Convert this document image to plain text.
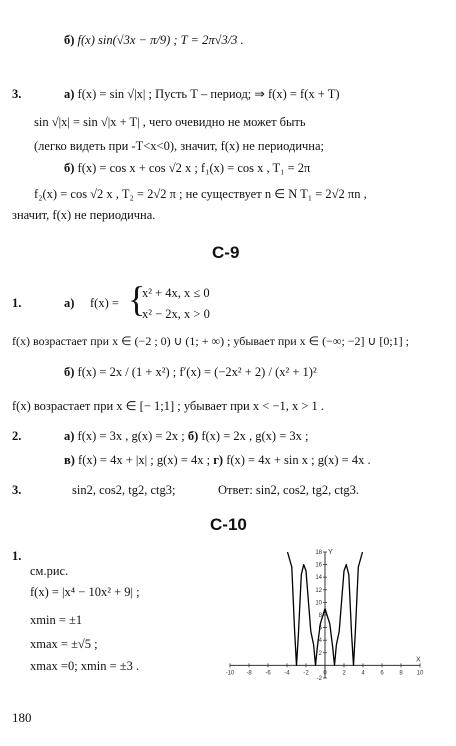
б) f(x) sin(√3x − π/9) ; T = 2π√3/3 .
3.	а) f(x) = sin √|x| ; Пусть Т – период; ⇒ f(x) = f(x + T)
sin √|x| = sin √|x + T| , чего очевидно не может быть
(легко видеть при -T<x<0), значит, f(x) не периодична;
б) f(x) = cos x + cos √2 x ; f₁(x) = cos x , T₁ = 2π
f₂(x) = cos √2 x , T₂ = 2√2 π ; не существует n ∈ N T₁ = 2√2 πn ,
значит, f(x) не периодична.
С-9
1.	а) f(x) = {
x² + 4x, x ≤ 0
x² − 2x, x > 0
f(x) возрастает при x ∈ (−2 ; 0) ∪ (1; + ∞) ; убывает при x ∈ (−∞; −2] ∪ [0;1] ;
б) f(x) = 2x / (1 + x²) ; f′(x) = (−2x² + 2) / (x² + 1)²
f(x) возрастает при x ∈ [− 1;1] ; убывает при x < −1, x > 1 .
2.	а) f(x) = 3x , g(x) = 2x ; б) f(x) = 2x , g(x) = 3x ;
в) f(x) = 4x + |x| ; g(x) = 4x ; г) f(x) = 4x + sin x ; g(x) = 4x .
3.	sin2, cos2, tg2, ctg3;	Ответ: sin2, cos2, tg2, ctg3.
С-10
1.
см.рис.
f(x) = |x⁴ − 10x² + 9| ;
xmin = ±1
xmax = ±√5 ;
xmax =0; xmin = ±3 .	X
Y
-10 -8 -6 -4 -2 0	2	4	6	8 10
-2
2
4
6
8
10
12
14
16
18
180
